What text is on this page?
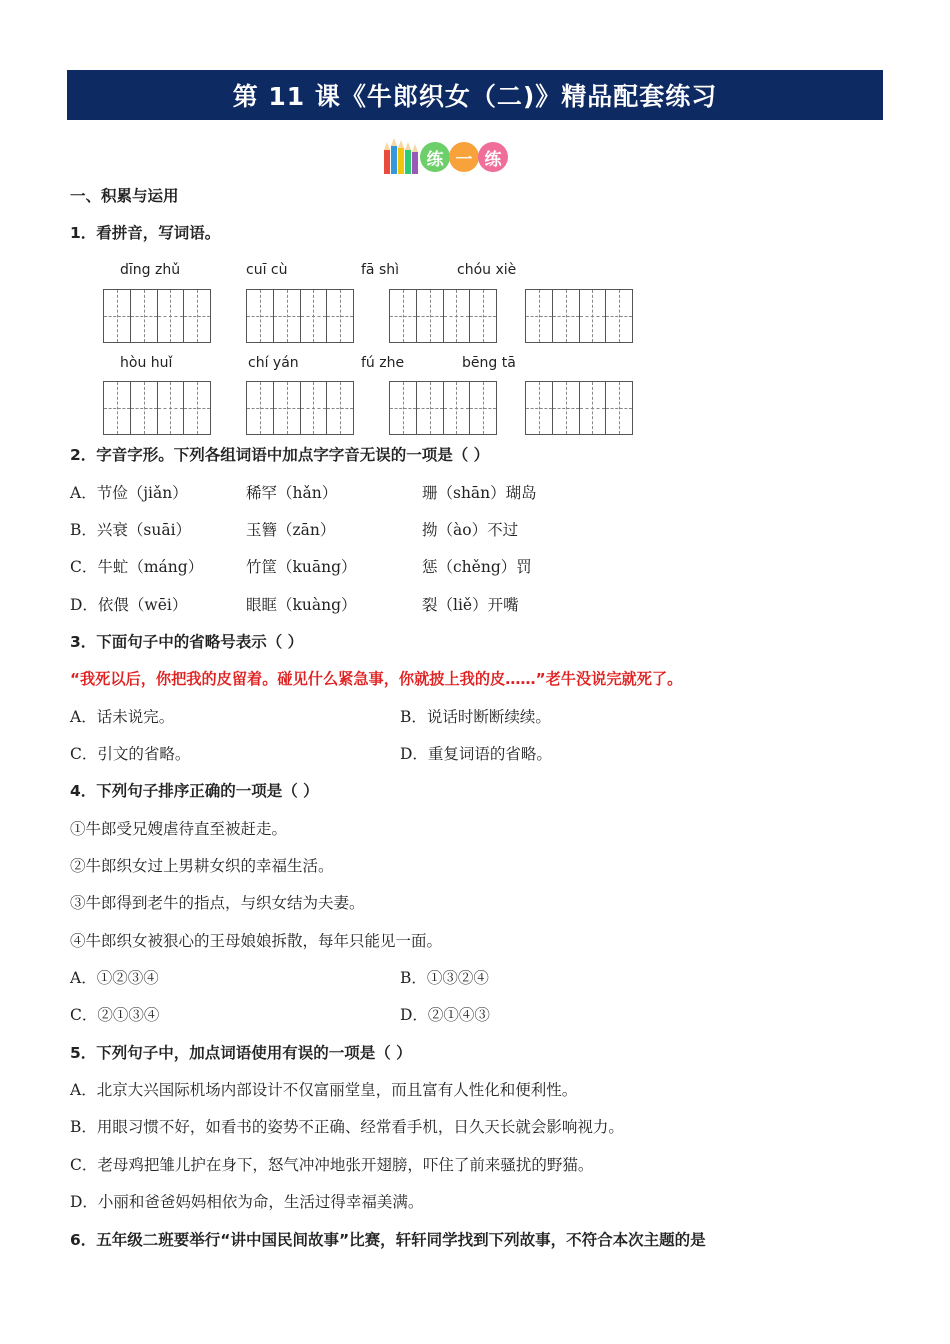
第 11 课《牛郎织女（二)》精品配套练习
练 一 练
一、积累与运用
1．看拼音，写词语。
dīng zhǔ	cuī cù	fā shì	chóu xiè
hòu huǐ	chí yán	fú zhe	bēng tā
2．字音字形。下列各组词语中加点字字音无误的一项是（ ）
A．节俭（jiǎn）	稀罕（hǎn）	珊（shān）瑚岛
B．兴衰（suāi）	玉簪（zān）	拗（ào）不过
C．牛虻（máng）	竹筐（kuāng）	惩（chěng）罚
D．依偎（wēi）	眼眶（kuàng）	裂（liě）开嘴
3．下面句子中的省略号表示（ ）
“我死以后，你把我的皮留着。碰见什么紧急事，你就披上我的皮……”老牛没说完就死了。
A．话未说完。	B．说话时断断续续。
C．引文的省略。	D．重复词语的省略。
4．下列句子排序正确的一项是（ ）
①牛郎受兄嫂虐待直至被赶走。
②牛郎织女过上男耕女织的幸福生活。
③牛郎得到老牛的指点，与织女结为夫妻。
④牛郎织女被狠心的王母娘娘拆散，每年只能见一面。
A．①②③④	B．①③②④
C．②①③④	D．②①④③
5．下列句子中，加点词语使用有误的一项是（ ）
A．北京大兴国际机场内部设计不仅富丽堂皇，而且富有人性化和便利性。
B．用眼习惯不好，如看书的姿势不正确、经常看手机，日久天长就会影响视力。
C．老母鸡把雏儿护在身下，怒气冲冲地张开翅膀，吓住了前来骚扰的野猫。
D．小丽和爸爸妈妈相依为命，生活过得幸福美满。
6．五年级二班要举行“讲中国民间故事”比赛，轩轩同学找到下列故事，不符合本次主题的是
